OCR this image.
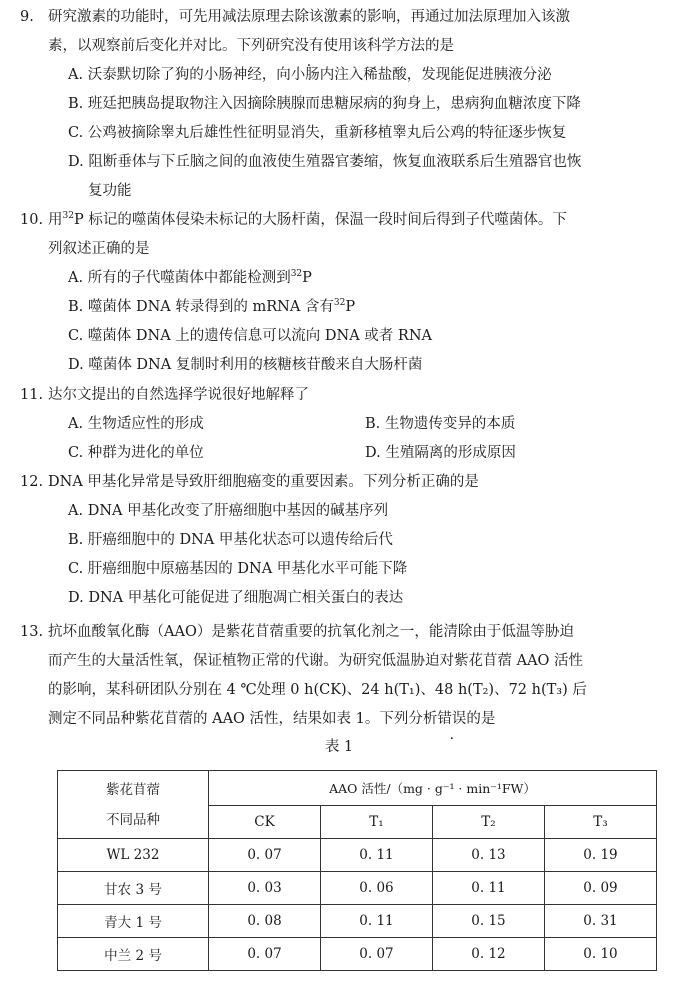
9. 研究激素的功能时，可先用减法原理去除该激素的影响，再通过加法原理加入该激
素，以观察前后变化并对比。下列研究没有使用该科学方法的是
A. 沃泰默切除了狗的小肠神经，向小肠内注入稀盐酸，发现能促进胰液分泌
B. 班廷把胰岛提取物注入因摘除胰腺而患糖尿病的狗身上，患病狗血糖浓度下降
C. 公鸡被摘除睾丸后雄性性征明显消失，重新移植睾丸后公鸡的特征逐步恢复
D. 阻断垂体与下丘脑之间的血液使生殖器官萎缩，恢复血液联系后生殖器官也恢
复功能
10. 用$^{32}$P 标记的噬菌体侵染未标记的大肠杆菌，保温一段时间后得到子代噬菌体。下
列叙述正确的是
A. 所有的子代噬菌体中都能检测到$^{32}$P
B. 噬菌体 DNA 转录得到的 mRNA 含有$^{32}$P
C. 噬菌体 DNA 上的遗传信息可以流向 DNA 或者 RNA
D. 噬菌体 DNA 复制时利用的核糖核苷酸来自大肠杆菌
11. 达尔文提出的自然选择学说很好地解释了
A. 生物适应性的形成	B. 生物遗传变异的本质
C. 种群为进化的单位	D. 生殖隔离的形成原因
12. DNA 甲基化异常是导致肝细胞癌变的重要因素。下列分析正确的是
A. DNA 甲基化改变了肝癌细胞中基因的碱基序列
B. 肝癌细胞中的 DNA 甲基化状态可以遗传给后代
C. 肝癌细胞中原癌基因的 DNA 甲基化水平可能下降
D. DNA 甲基化可能促进了细胞凋亡相关蛋白的表达
13. 抗坏血酸氧化酶（AAO）是紫花苜蓿重要的抗氧化剂之一，能清除由于低温等胁迫
而产生的大量活性氧，保证植物正常的代谢。为研究低温胁迫对紫花苜蓿 AAO 活性
的影响，某科研团队分别在 4 ℃处理 0 h(CK)、24 h(T₁)、48 h(T₂)、72 h(T₃) 后
测定不同品种紫花苜蓿的 AAO 活性，结果如表 1。下列分析错误的是
表 1
紫花苜蓿
不同品种	AAO 活性/（mg · g⁻¹ · min⁻¹FW）			
	CK	T₁	T₂	T₃
WL 232	0. 07	0. 11	0. 13	0. 19
甘农 3 号	0. 03	0. 06	0. 11	0. 09
青大 1 号	0. 08	0. 11	0. 15	0. 31
中兰 2 号	0. 07	0. 07	0. 12	0. 10
